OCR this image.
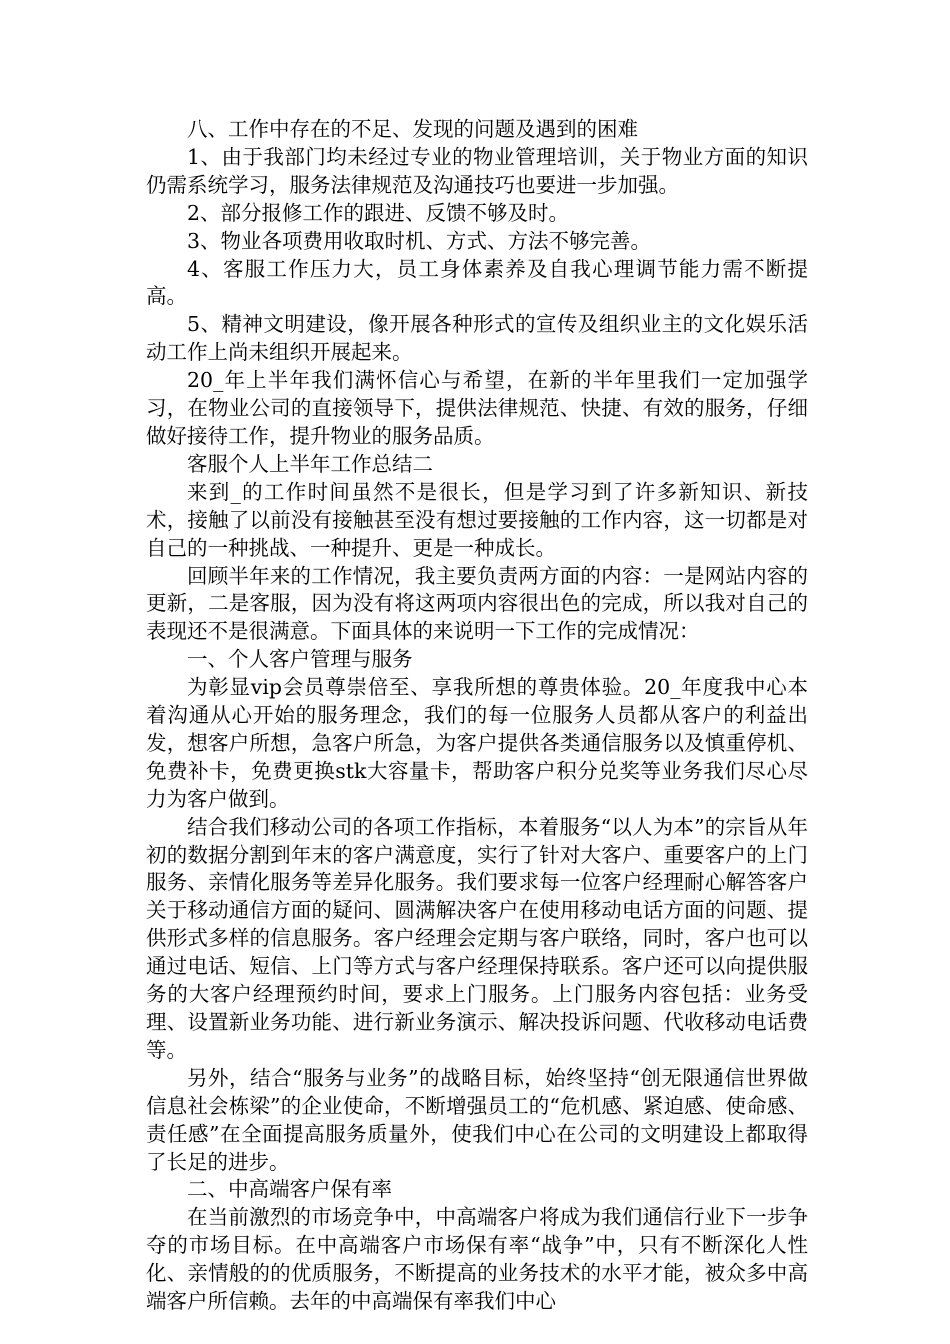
八、工作中存在的不足、发现的问题及遇到的困难

1、由于我部门均未经过专业的物业管理培训，关于物业方面的知识仍需系统学习，服务法律规范及沟通技巧也要进一步加强。

2、部分报修工作的跟进、反馈不够及时。

3、物业各项费用收取时机、方式、方法不够完善。

4、客服工作压力大，员工身体素养及自我心理调节能力需不断提高。

5、精神文明建设，像开展各种形式的宣传及组织业主的文化娱乐活动工作上尚未组织开展起来。

20_年上半年我们满怀信心与希望，在新的半年里我们一定加强学习，在物业公司的直接领导下，提供法律规范、快捷、有效的服务，仔细做好接待工作，提升物业的服务品质。

客服个人上半年工作总结二

来到_的工作时间虽然不是很长，但是学习到了许多新知识、新技术，接触了以前没有接触甚至没有想过要接触的工作内容，这一切都是对自己的一种挑战、一种提升、更是一种成长。

回顾半年来的工作情况，我主要负责两方面的内容：一是网站内容的更新，二是客服，因为没有将这两项内容很出色的完成，所以我对自己的表现还不是很满意。下面具体的来说明一下工作的完成情况：

一、个人客户管理与服务

为彰显vip会员尊崇倍至、享我所想的尊贵体验。20_年度我中心本着沟通从心开始的服务理念，我们的每一位服务人员都从客户的利益出发，想客户所想，急客户所急，为客户提供各类通信服务以及慎重停机、免费补卡，免费更换stk大容量卡，帮助客户积分兑奖等业务我们尽心尽力为客户做到。

结合我们移动公司的各项工作指标，本着服务“以人为本”的宗旨从年初的数据分割到年末的客户满意度，实行了针对大客户、重要客户的上门服务、亲情化服务等差异化服务。我们要求每一位客户经理耐心解答客户关于移动通信方面的疑问、圆满解决客户在使用移动电话方面的问题、提供形式多样的信息服务。客户经理会定期与客户联络，同时，客户也可以通过电话、短信、上门等方式与客户经理保持联系。客户还可以向提供服务的大客户经理预约时间，要求上门服务。上门服务内容包括：业务受理、设置新业务功能、进行新业务演示、解决投诉问题、代收移动电话费等。

另外，结合“服务与业务”的战略目标，始终坚持“创无限通信世界做信息社会栋梁”的企业使命，不断增强员工的“危机感、紧迫感、使命感、责任感”在全面提高服务质量外，使我们中心在公司的文明建设上都取得了长足的进步。

二、中高端客户保有率

在当前激烈的市场竞争中，中高端客户将成为我们通信行业下一步争夺的市场目标。在中高端客户市场保有率“战争”中，只有不断深化人性化、亲情般的的优质服务，不断提高的业务技术的水平才能，被众多中高端客户所信赖。去年的中高端保有率我们中心
